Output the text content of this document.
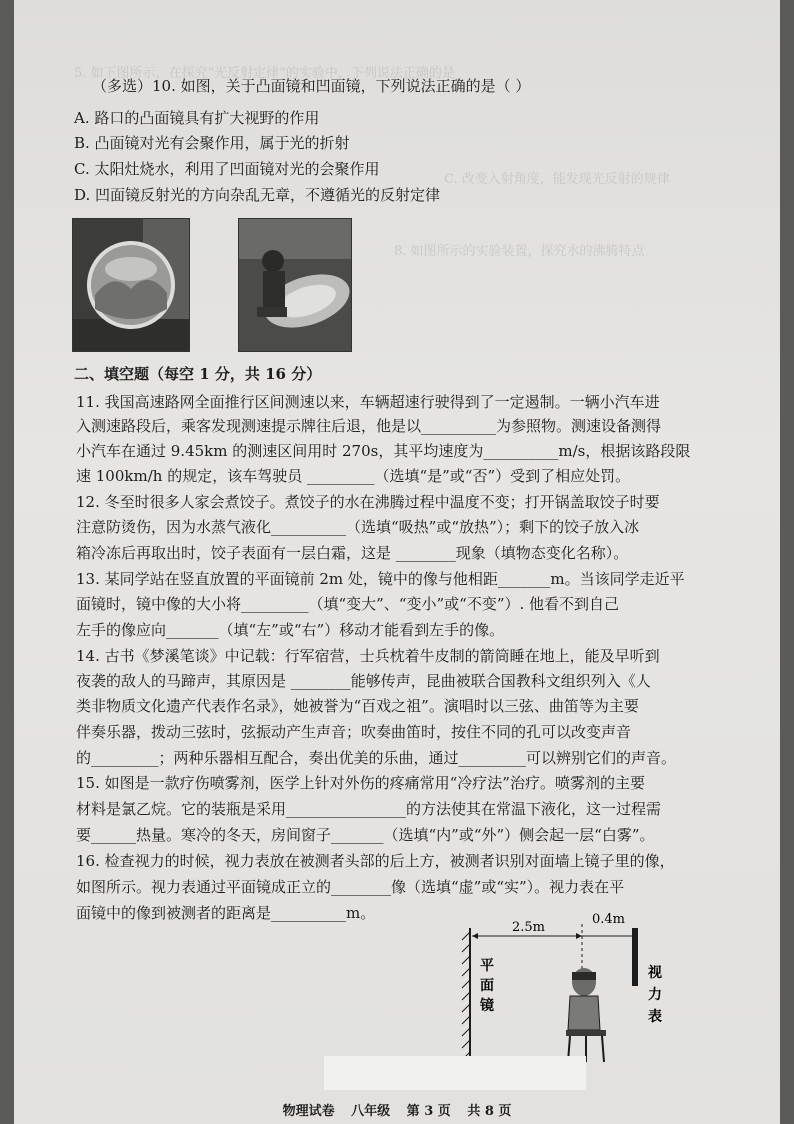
5. 如下图所示，在探究“光反射定律”的实验中，下列说法正确的是
C. 改变入射角度，能发现光反射的规律
8. 如图所示的实验装置，探究水的沸腾特点
（多选）10. 如图，关于凸面镜和凹面镜，下列说法正确的是（ ）
A. 路口的凸面镜具有扩大视野的作用
B. 凸面镜对光有会聚作用，属于光的折射
C. 太阳灶烧水，利用了凹面镜对光的会聚作用
D. 凹面镜反射光的方向杂乱无章，不遵循光的反射定律
二、填空题（每空 1 分，共 16 分）
11. 我国高速路网全面推行区间测速以来，车辆超速行驶得到了一定遏制。一辆小汽车进
入测速路段后，乘客发现测速提示牌往后退，他是以__________为参照物。测速设备测得
小汽车在通过 9.45km 的测速区间用时 270s，其平均速度为__________m/s，根据该路段限
速 100km/h 的规定，该车驾驶员 _________（选填“是”或“否”）受到了相应处罚。
12. 冬至时很多人家会煮饺子。煮饺子的水在沸腾过程中温度不变；打开锅盖取饺子时要
注意防烫伤，因为水蒸气液化__________（选填“吸热”或“放热”）；剩下的饺子放入冰
箱冷冻后再取出时，饺子表面有一层白霜，这是 ________现象（填物态变化名称）。
13. 某同学站在竖直放置的平面镜前 2m 处，镜中的像与他相距_______m。当该同学走近平
面镜时，镜中像的大小将_________（填“变大”、“变小”或“不变”）. 他看不到自己
左手的像应向_______（填“左”或“右”）移动才能看到左手的像。
14. 古书《梦溪笔谈》中记载：行军宿营，士兵枕着牛皮制的箭筒睡在地上，能及早听到
夜袭的敌人的马蹄声，其原因是 ________能够传声，昆曲被联合国教科文组织列入《人
类非物质文化遗产代表作名录》，她被誉为“百戏之祖”。演唱时以三弦、曲笛等为主要
伴奏乐器，拨动三弦时，弦振动产生声音；吹奏曲笛时，按住不同的孔可以改变声音
的_________；两种乐器相互配合，奏出优美的乐曲，通过_________可以辨别它们的声音。
15. 如图是一款疗伤喷雾剂，医学上针对外伤的疼痛常用“冷疗法”治疗。喷雾剂的主要
材料是氯乙烷。它的装瓶是采用________________的方法使其在常温下液化，这一过程需
要______热量。寒冷的冬天，房间窗子_______（选填“内”或“外”）侧会起一层“白雾”。
16. 检查视力的时候，视力表放在被测者头部的后上方，被测者识别对面墙上镜子里的像，
如图所示。视力表通过平面镜成正立的________像（选填“虚”或“实”）。视力表在平
面镜中的像到被测者的距离是__________m。
2.5m
0.4m
平面镜
视力表
物理试卷 八年级 第 3 页 共 8 页
